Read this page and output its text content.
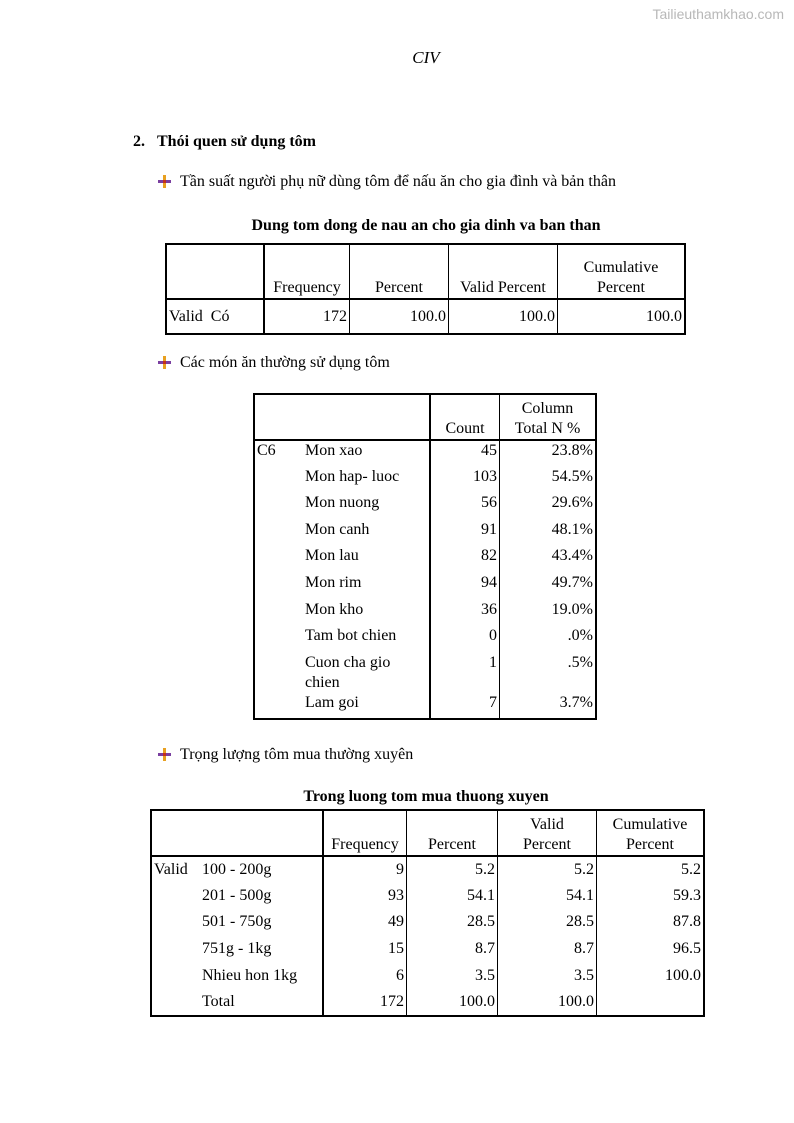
Tailieuthamkhao.com
CIV
2. Thói quen sử dụng tôm
Tần suất người phụ nữ dùng tôm để nấu ăn cho gia đình và bản thân
Dung tom dong de nau an cho gia dinh va ban than
	Frequency	Percent	Valid Percent	Cumulative
Percent
Valid Có	172	100.0	100.0	100.0
Các món ăn thường sử dụng tôm
		Count	Column
Total N %
C6	Mon xao	45	23.8%
	Mon hap- luoc	103	54.5%
	Mon nuong	56	29.6%
	Mon canh	91	48.1%
	Mon lau	82	43.4%
	Mon rim	94	49.7%
	Mon kho	36	19.0%
	Tam bot chien	0	.0%
	Cuon cha gio
chien	1	.5%
	Lam goi	7	3.7%
Trọng lượng tôm mua thường xuyên
Trong luong tom mua thuong xuyen
		Frequency	Percent	Valid
Percent	Cumulative
Percent
Valid	100 - 200g	9	5.2	5.2	5.2
	201 - 500g	93	54.1	54.1	59.3
	501 - 750g	49	28.5	28.5	87.8
	751g - 1kg	15	8.7	8.7	96.5
	Nhieu hon 1kg	6	3.5	3.5	100.0
	Total	172	100.0	100.0	
